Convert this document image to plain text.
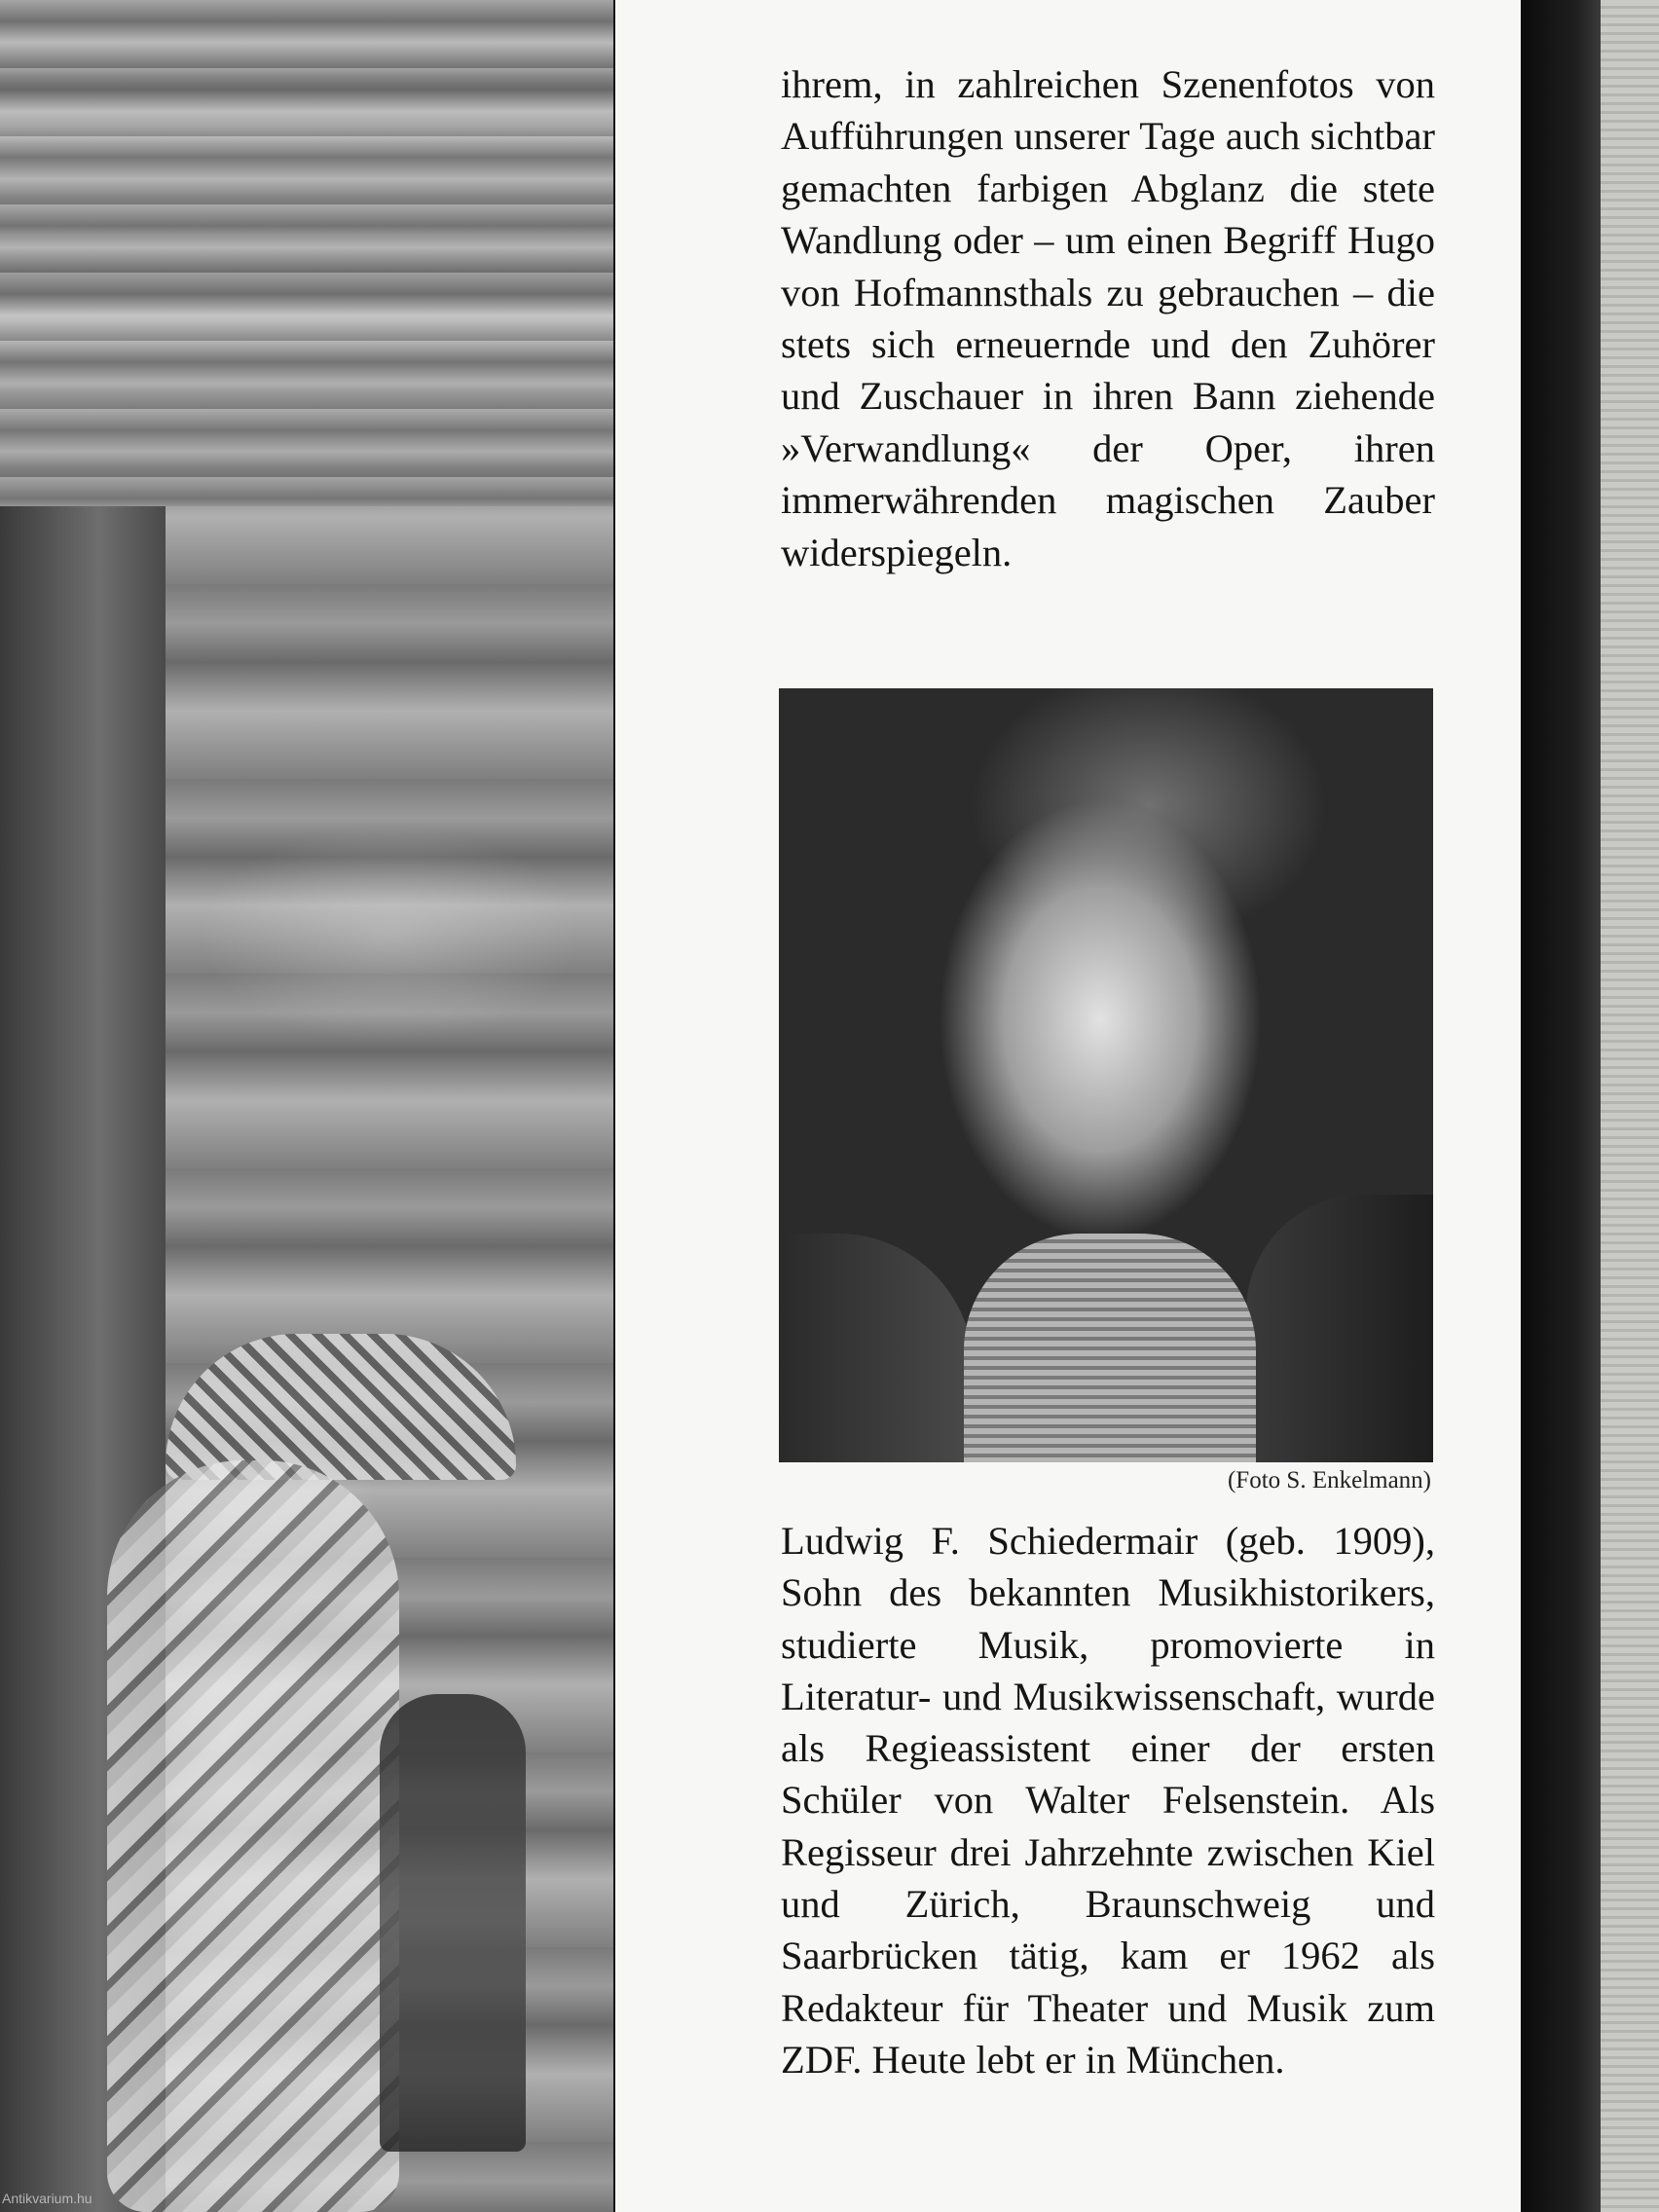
Antikvarium.hu

ihrem, in zahlreichen Szenenfotos von Aufführungen unserer Tage auch sichtbar gemachten farbigen Abglanz die stete Wandlung oder – um einen Begriff Hugo von Hofmannsthals zu gebrauchen – die stets sich erneuernde und den Zuhörer und Zuschauer in ihren Bann ziehende »Verwandlung« der Oper, ihren immerwährenden magischen Zauber widerspiegeln.

(Foto S. Enkelmann)

Ludwig F. Schiedermair (geb. 1909), Sohn des bekannten Musikhistorikers, studierte Musik, promovierte in Literatur- und Musikwissenschaft, wurde als Regieassistent einer der ersten Schüler von Walter Felsenstein. Als Regisseur drei Jahrzehnte zwischen Kiel und Zürich, Braunschweig und Saarbrücken tätig, kam er 1962 als Redakteur für Theater und Musik zum ZDF. Heute lebt er in München.
